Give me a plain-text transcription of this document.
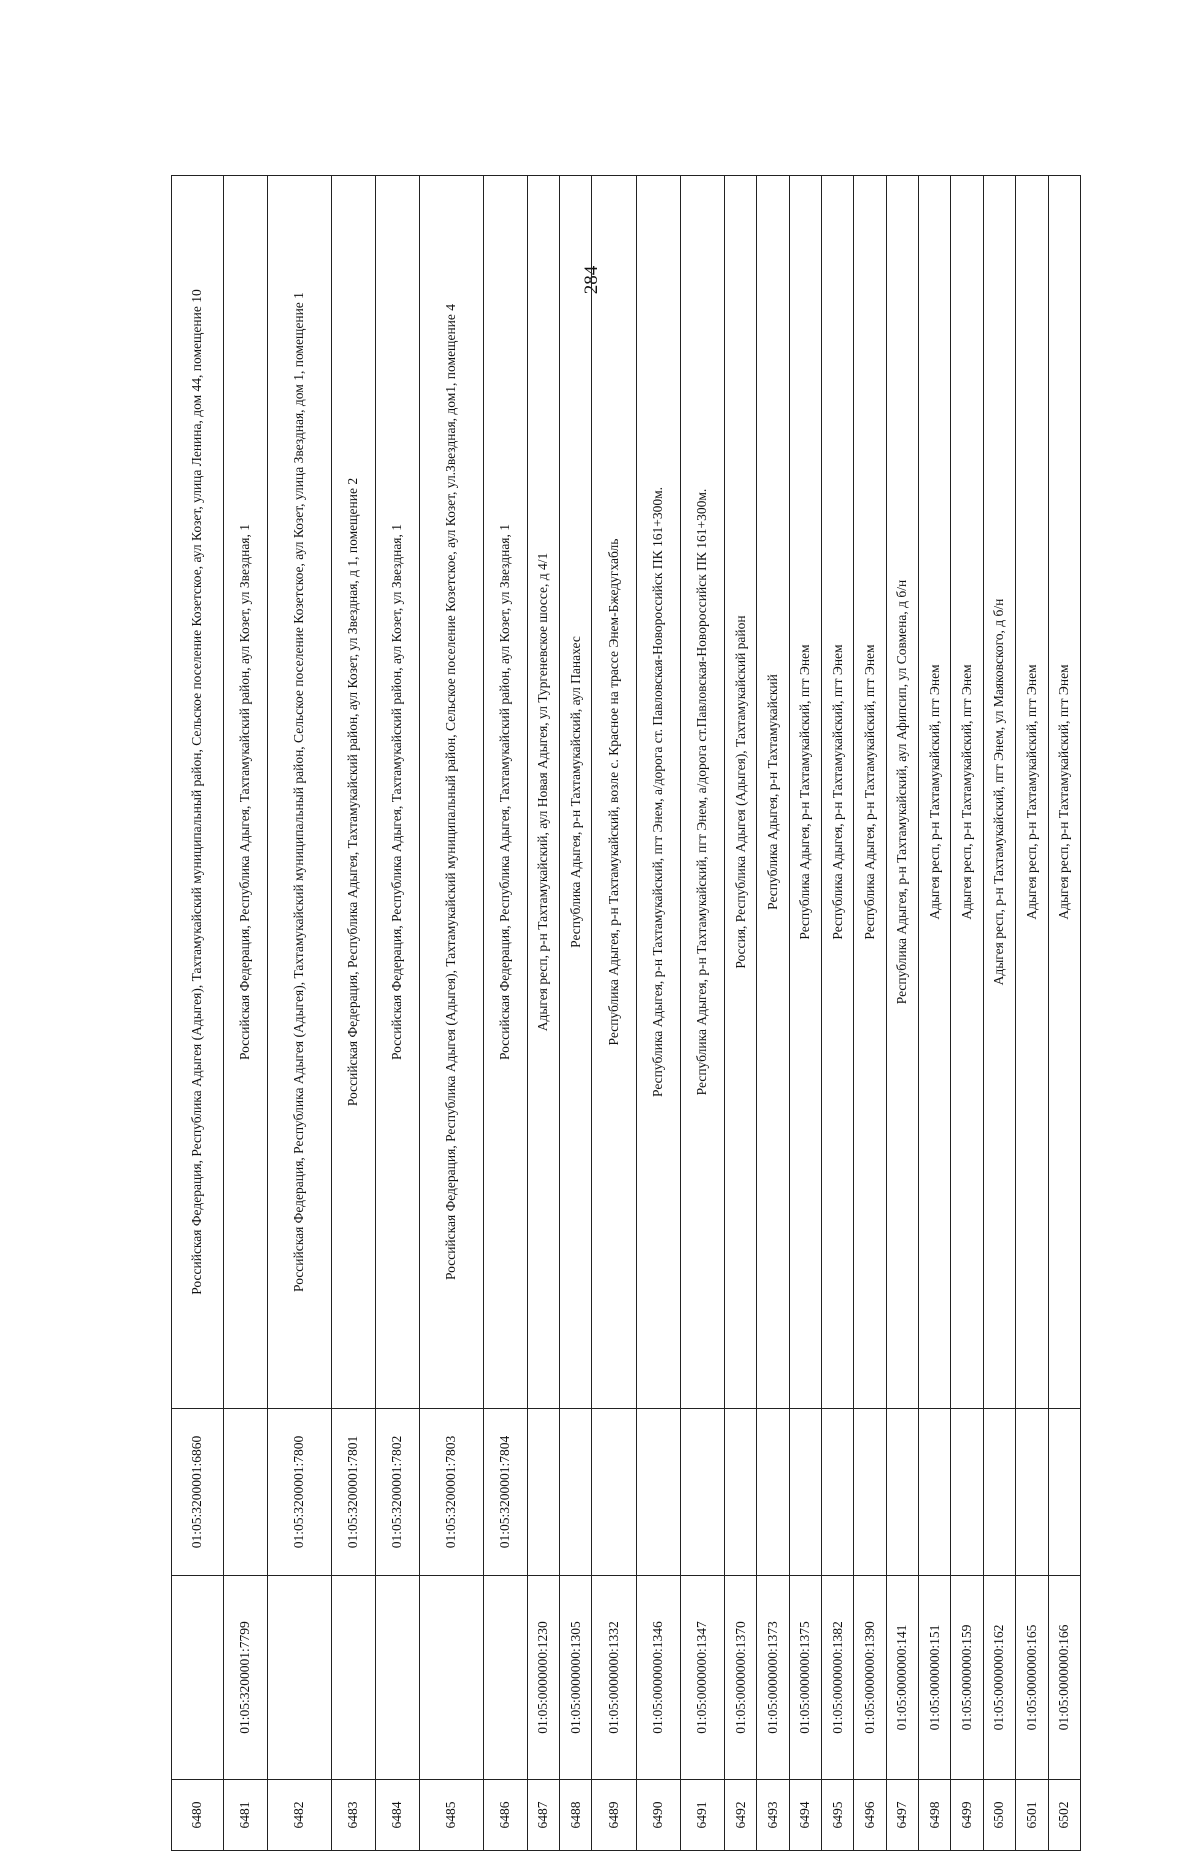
284
6480		01:05:3200001:6860	Российская Федерация, Республика Адыгея (Адыгея), Тахтамукайский муниципальный район, Сельское поселение Козетское, аул Козет, улица Ленина, дом 44, помещение 10
6481	01:05:3200001:7799		Российская Федерация, Республика Адыгея, Тахтамукайский район, аул Козет, ул Звездная, 1
6482		01:05:3200001:7800	Российская Федерация, Республика Адыгея (Адыгея), Тахтамукайский муниципальный район, Сельское поселение Козетское, аул Козет, улица Звездная, дом 1, помещение 1
6483		01:05:3200001:7801	Российская Федерация, Республика Адыгея, Тахтамукайский район, аул Козет, ул Звездная, д 1, помещение 2
6484		01:05:3200001:7802	Российская Федерация, Республика Адыгея, Тахтамукайский район, аул Козет, ул Звездная, 1
6485		01:05:3200001:7803	Российская Федерация, Республика Адыгея (Адыгея), Тахтамукайский муниципальный район, Сельское поселение Козетское, аул Козет, ул.Звездная, дом1, помещение 4
6486		01:05:3200001:7804	Российская Федерация, Республика Адыгея, Тахтамукайский район, аул Козет, ул Звездная, 1
6487	01:05:0000000:1230		Адыгея респ, р-н Тахтамукайский, аул Новая Адыгея, ул Тургеневское шоссе, д 4/1
6488	01:05:0000000:1305		Республика Адыгея, р-н Тахтамукайский, аул Панахес
6489	01:05:0000000:1332		Республика Адыгея, р-н Тахтамукайский, возле с. Красное на трассе Энем-Бжедугхабль
6490	01:05:0000000:1346		Республика Адыгея, р-н Тахтамукайский, пгт Энем, а/дорога ст. Павловская-Новороссийск ПК 161+300м.
6491	01:05:0000000:1347		Республика Адыгея, р-н Тахтамукайский, пгт Энем, а/дорога ст.Павловская-Новороссийск ПК 161+300м.
6492	01:05:0000000:1370		Россия, Республика Адыгея (Адыгея), Тахтамукайский район
6493	01:05:0000000:1373		Республика Адыгея, р-н Тахтамукайский
6494	01:05:0000000:1375		Республика Адыгея, р-н Тахтамукайский, пгт Энем
6495	01:05:0000000:1382		Республика Адыгея, р-н Тахтамукайский, пгт Энем
6496	01:05:0000000:1390		Республика Адыгея, р-н Тахтамукайский, пгт Энем
6497	01:05:0000000:141		Республика Адыгея, р-н Тахтамукайский, аул Афипсип, ул Совмена, д б/н
6498	01:05:0000000:151		Адыгея респ, р-н Тахтамукайский, пгт Энем
6499	01:05:0000000:159		Адыгея респ, р-н Тахтамукайский, пгт Энем
6500	01:05:0000000:162		Адыгея респ, р-н Тахтамукайский, пгт Энем, ул Маяковского, д б/н
6501	01:05:0000000:165		Адыгея респ, р-н Тахтамукайский, пгт Энем
6502	01:05:0000000:166		Адыгея респ, р-н Тахтамукайский, пгт Энем
